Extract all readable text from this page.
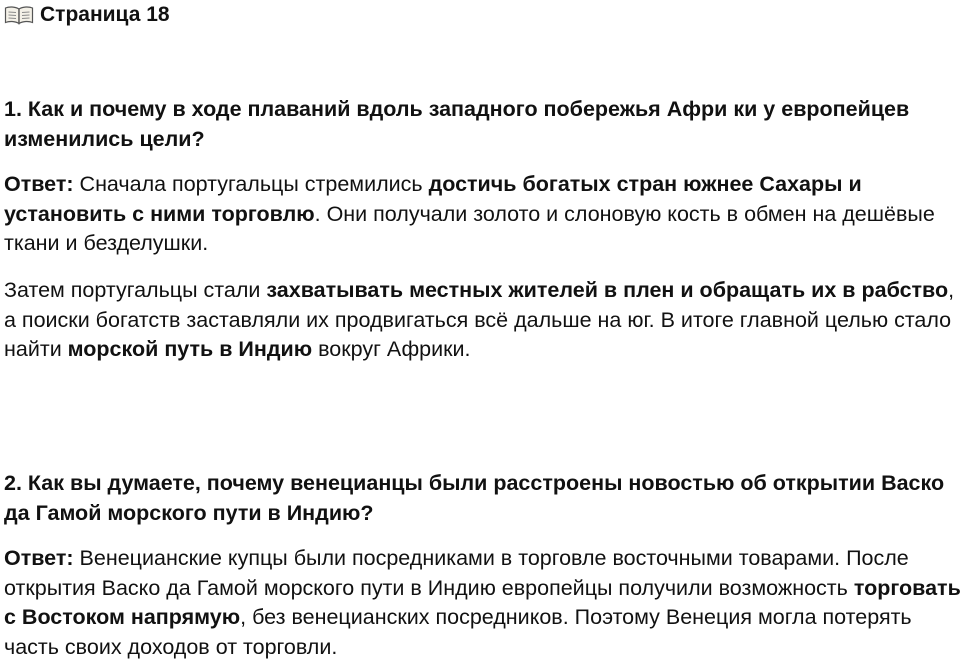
Страница 18
1. Как и почему в ходе плаваний вдоль западного побережья Афри ки у европейцев изменились цели?

Ответ: Сначала португальцы стремились достичь богатых стран южнее Сахары и установить с ними торговлю. Они получали золото и слоновую кость в обмен на дешёвые ткани и безделушки.

Затем португальцы стали захватывать местных жителей в плен и обращать их в рабство, а поиски богатств заставляли их продвигаться всё дальше на юг. В итоге главной целью стало найти морской путь в Индию вокруг Африки.

2. Как вы думаете, почему венецианцы были расстроены новостью об открытии Васко да Гамой морского пути в Индию?

Ответ: Венецианские купцы были посредниками в торговле восточными товарами. После открытия Васко да Гамой морского пути в Индию европейцы получили возможность торговать с Востоком напрямую, без венецианских посредников. Поэтому Венеция могла потерять часть своих доходов от торговли.
